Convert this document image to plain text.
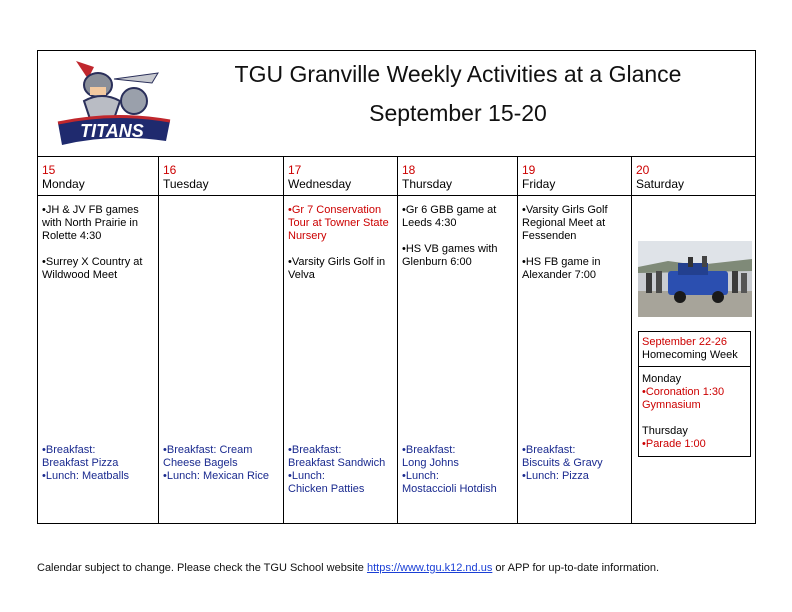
TITANS
TGU Granville Weekly Activities at a Glance
September 15-20
15
Monday
16
Tuesday
17
Wednesday
18
Thursday
19
Friday
20
Saturday

•JH & JV FB games with North Prairie in Rolette 4:30

•Surrey X Country at Wildwood Meet

•Gr 7 Conservation Tour at Towner State Nursery

•Varsity Girls Golf in Velva

•Gr 6 GBB game at Leeds 4:30

•HS VB games with Glenburn 6:00

•Varsity Girls Golf Regional Meet at Fessenden

•HS FB game in Alexander 7:00

•Breakfast:
Breakfast Pizza
•Lunch: Meatballs
•Breakfast: Cream Cheese Bagels
•Lunch: Mexican Rice
•Breakfast:
Breakfast Sandwich
•Lunch:
Chicken Patties
•Breakfast:
Long Johns
•Lunch:
Mostaccioli Hotdish
•Breakfast:
Biscuits & Gravy
•Lunch: Pizza
September 22-26
Homecoming Week
Monday
•Coronation 1:30 Gymnasium
Thursday
•Parade 1:00
Calendar subject to change. Please check the TGU School website https://www.tgu.k12.nd.us or APP for up-to-date information.
